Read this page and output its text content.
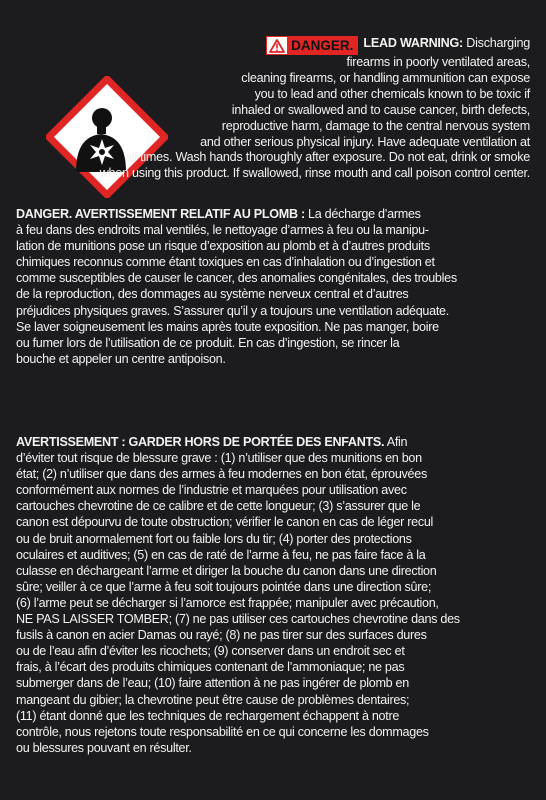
DANGER. LEAD WARNING: Discharging
firearms in poorly ventilated areas,
cleaning firearms, or handling ammunition can expose
you to lead and other chemicals known to be toxic if
inhaled or swallowed and to cause cancer, birth defects,
reproductive harm, damage to the central nervous system
and other serious physical injury. Have adequate ventilation at
all times. Wash hands thoroughly after exposure. Do not eat, drink or smoke
when using this product. If swallowed, rinse mouth and call poison control center.

DANGER. AVERTISSEMENT RELATIF AU PLOMB : La décharge d’armes
à feu dans des endroits mal ventilés, le nettoyage d’armes à feu ou la manipu-
lation de munitions pose un risque d’exposition au plomb et à d’autres produits
chimiques reconnus comme étant toxiques en cas d’inhalation ou d’ingestion et
comme susceptibles de causer le cancer, des anomalies congénitales, des troubles
de la reproduction, des dommages au système nerveux central et d’autres
préjudices physiques graves. S’assurer qu’il y a toujours une ventilation adéquate.
Se laver soigneusement les mains après toute exposition. Ne pas manger, boire
ou fumer lors de l’utilisation de ce produit. En cas d’ingestion, se rincer la
bouche et appeler un centre antipoison.

AVERTISSEMENT : GARDER HORS DE PORTÉE DES ENFANTS. Afin
d’éviter tout risque de blessure grave : (1) n’utiliser que des munitions en bon
état; (2) n’utiliser que dans des armes à feu modernes en bon état, éprouvées
conformément aux normes de l’industrie et marquées pour utilisation avec
cartouches chevrotine de ce calibre et de cette longueur; (3) s’assurer que le
canon est dépourvu de toute obstruction; vérifier le canon en cas de léger recul
ou de bruit anormalement fort ou faible lors du tir; (4) porter des protections
oculaires et auditives; (5) en cas de raté de l’arme à feu, ne pas faire face à la
culasse en déchargeant l’arme et diriger la bouche du canon dans une direction
sûre; veiller à ce que l’arme à feu soit toujours pointée dans une direction sûre;
(6) l’arme peut se décharger si l’amorce est frappée; manipuler avec précaution,
NE PAS LAISSER TOMBER; (7) ne pas utiliser ces cartouches chevrotine dans des
fusils à canon en acier Damas ou rayé; (8) ne pas tirer sur des surfaces dures
ou de l’eau afin d’éviter les ricochets; (9) conserver dans un endroit sec et
frais, à l’écart des produits chimiques contenant de l’ammoniaque; ne pas
submerger dans de l’eau; (10) faire attention à ne pas ingérer de plomb en
mangeant du gibier; la chevrotine peut être cause de problèmes dentaires;
(11) étant donné que les techniques de rechargement échappent à notre
contrôle, nous rejetons toute responsabilité en ce qui concerne les dommages
ou blessures pouvant en résulter.
